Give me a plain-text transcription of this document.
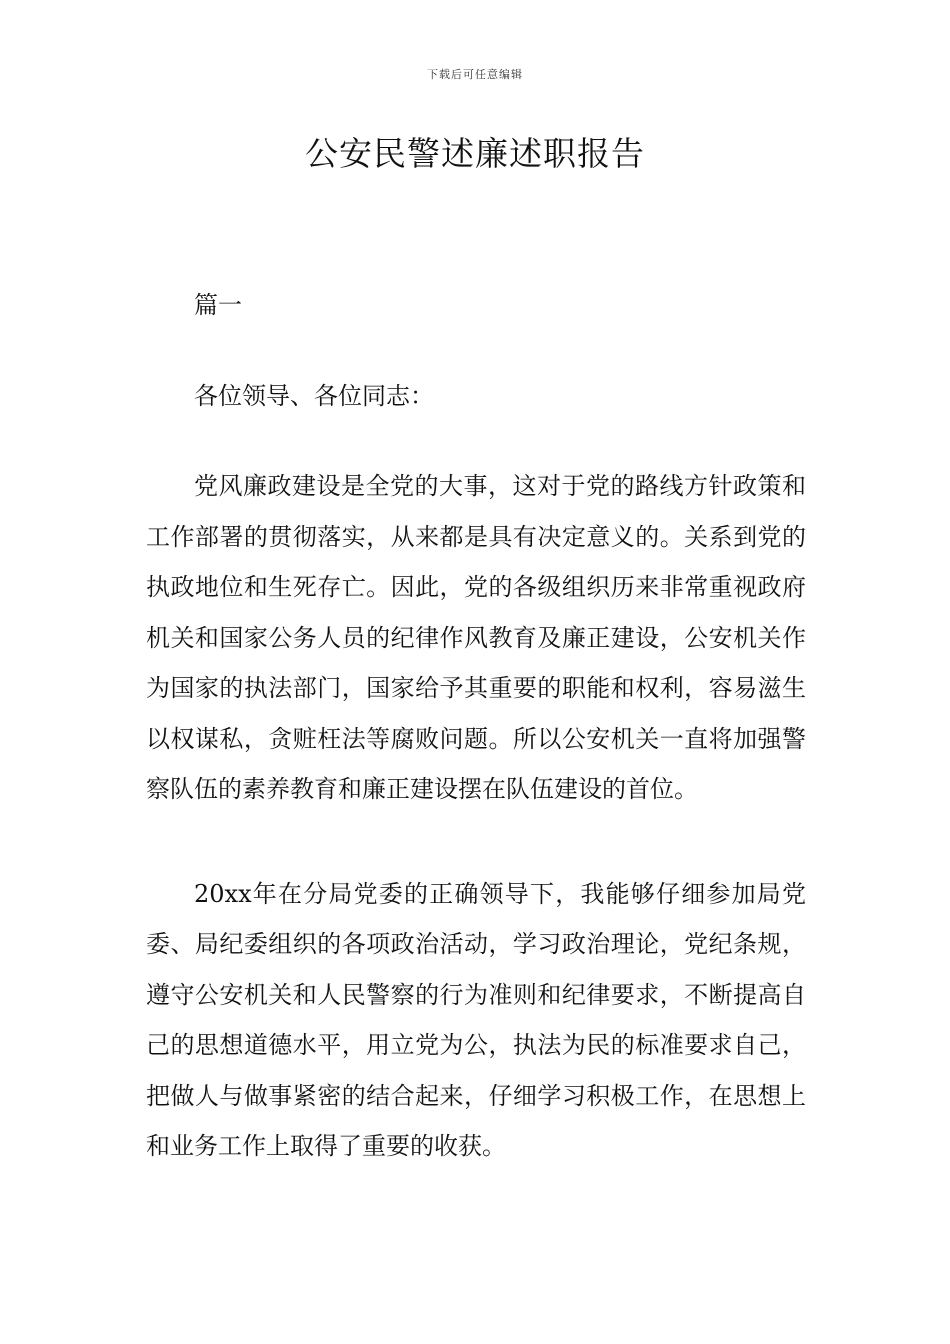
下载后可任意编辑
公安民警述廉述职报告

篇一

各位领导、各位同志：

党风廉政建设是全党的大事，这对于党的路线方针政策和工作部署的贯彻落实，从来都是具有决定意义的。关系到党的执政地位和生死存亡。因此，党的各级组织历来非常重视政府机关和国家公务人员的纪律作风教育及廉正建设，公安机关作为国家的执法部门，国家给予其重要的职能和权利，容易滋生以权谋私，贪赃枉法等腐败问题。所以公安机关一直将加强警察队伍的素养教育和廉正建设摆在队伍建设的首位。

20xx年在分局党委的正确领导下，我能够仔细参加局党委、局纪委组织的各项政治活动，学习政治理论，党纪条规，遵守公安机关和人民警察的行为准则和纪律要求，不断提高自己的思想道德水平，用立党为公，执法为民的标准要求自己，把做人与做事紧密的结合起来，仔细学习积极工作，在思想上和业务工作上取得了重要的收获。
